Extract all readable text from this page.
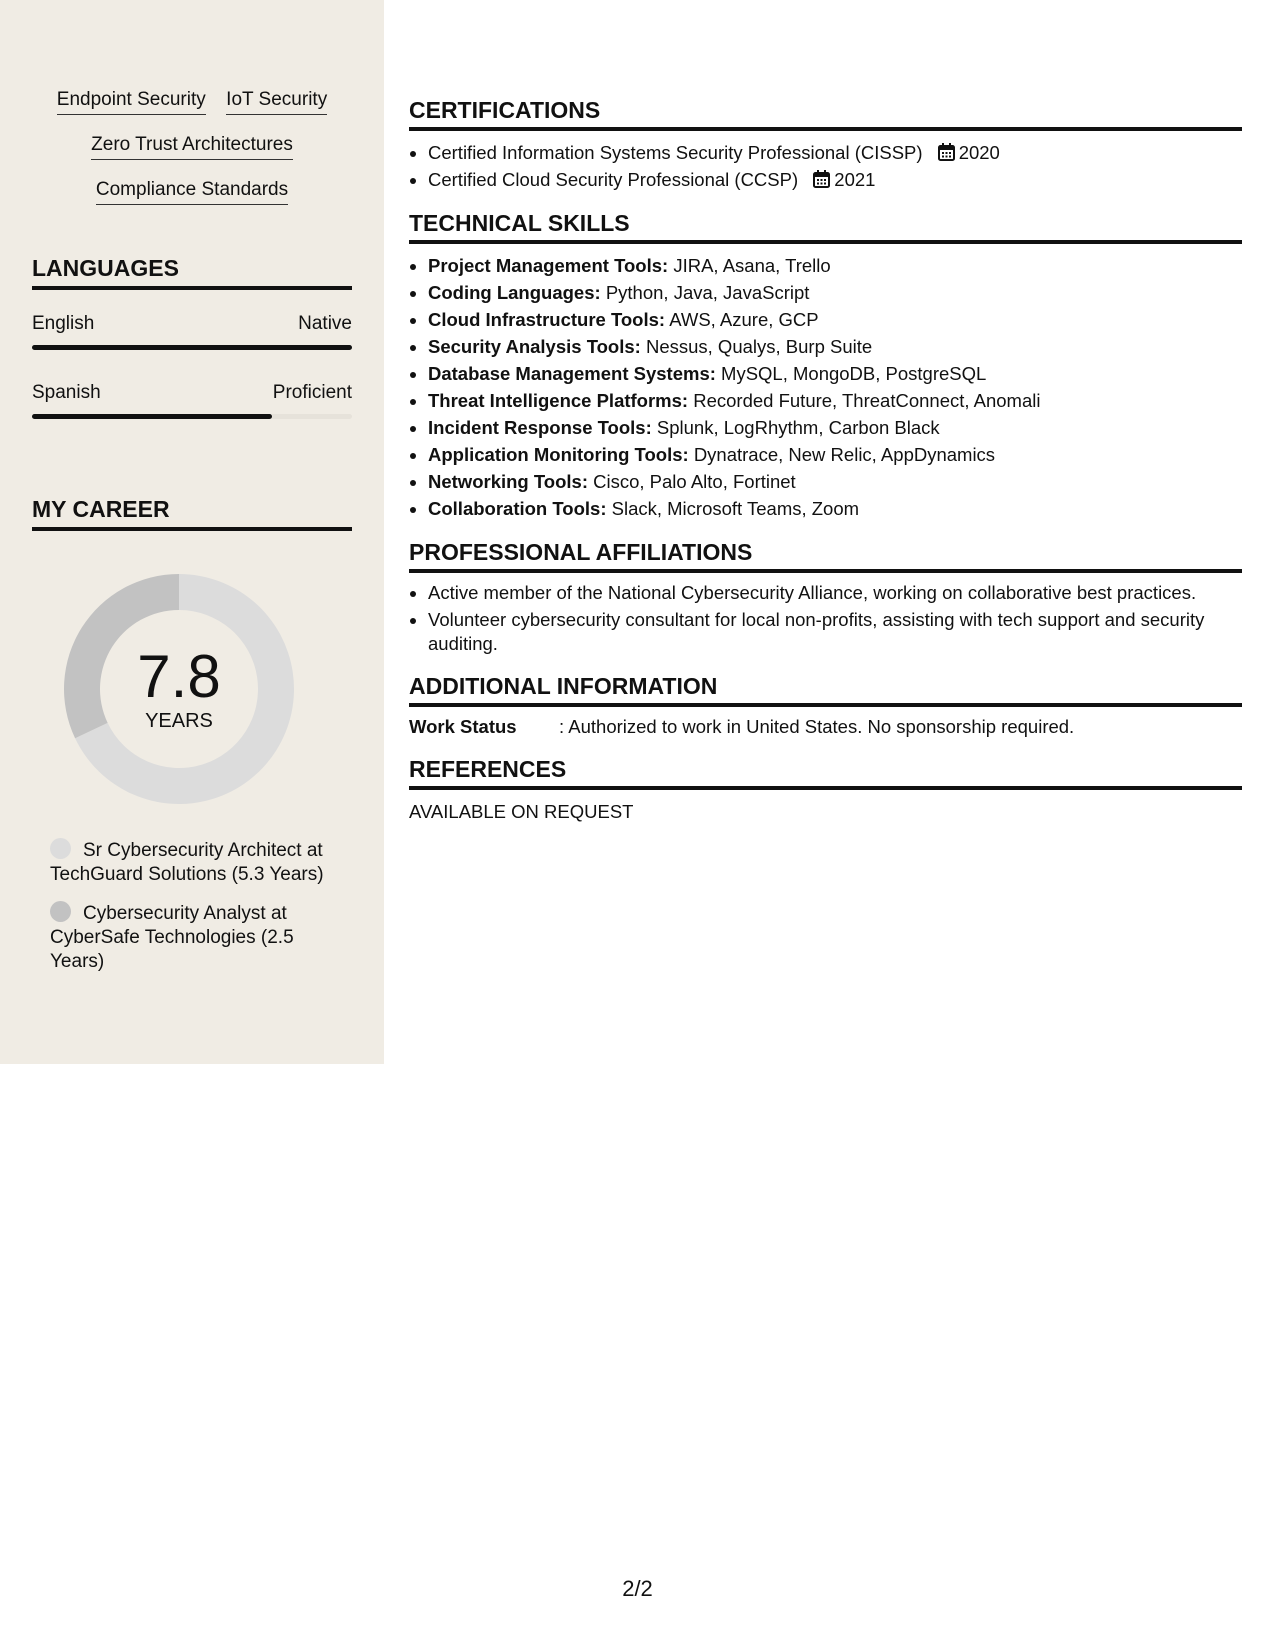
Endpoint Security IoT Security
Zero Trust Architectures
Compliance Standards
LANGUAGES
English	Native
Spanish	Proficient
MY CAREER
7.8
YEARS
Sr Cybersecurity Architect at TechGuard Solutions (5.3 Years)
Cybersecurity Analyst at CyberSafe Technologies (2.5 Years)
CERTIFICATIONS
• Certified Information Systems Security Professional (CISSP) 2020
• Certified Cloud Security Professional (CCSP) 2021
TECHNICAL SKILLS
• Project Management Tools: JIRA, Asana, Trello
• Coding Languages: Python, Java, JavaScript
• Cloud Infrastructure Tools: AWS, Azure, GCP
• Security Analysis Tools: Nessus, Qualys, Burp Suite
• Database Management Systems: MySQL, MongoDB, PostgreSQL
• Threat Intelligence Platforms: Recorded Future, ThreatConnect, Anomali
• Incident Response Tools: Splunk, LogRhythm, Carbon Black
• Application Monitoring Tools: Dynatrace, New Relic, AppDynamics
• Networking Tools: Cisco, Palo Alto, Fortinet
• Collaboration Tools: Slack, Microsoft Teams, Zoom
PROFESSIONAL AFFILIATIONS
• Active member of the National Cybersecurity Alliance, working on collaborative best practices.
• Volunteer cybersecurity consultant for local non-profits, assisting with tech support and security auditing.
ADDITIONAL INFORMATION
Work Status : Authorized to work in United States. No sponsorship required.
REFERENCES
AVAILABLE ON REQUEST
2/2
